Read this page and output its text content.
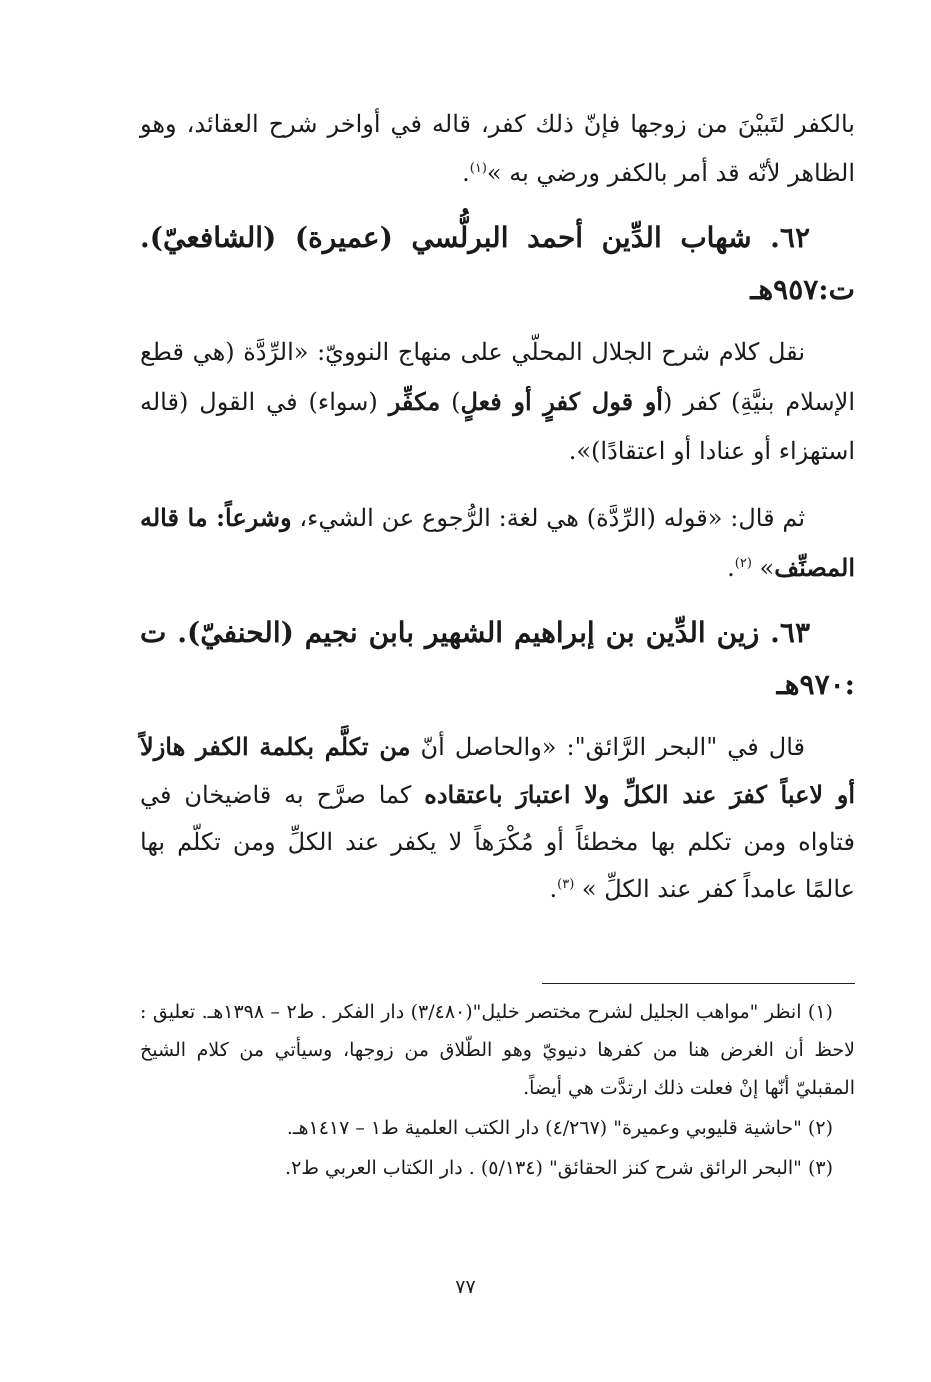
بالكفر لتَبيْنَ من زوجها فإنّ ذلك كفر، قاله في أواخر شرح العقائد، وهو الظاهر لأنّه قد أمر بالكفر ورضي به »$^{(١)}$.
٦٢. شهاب الدِّين أحمد البرلُّسي (عميرة) (الشافعيّ). ت:٩٥٧هـ
نقل كلام شرح الجلال المحلّي على منهاج النوويّ: «الرِّدَّة (هي قطع الإسلام بنيَّةِ) كفر (أو قول كفرٍ أو فعلٍ) مكفِّر (سواء) في القول (قاله استهزاء أو عنادا أو اعتقادًا)».
ثم قال: «قوله (الرِّدَّة) هي لغة: الرُّجوع عن الشيء، وشرعاً: ما قاله المصنِّف» $^{(٢)}$.
٦٣. زين الدِّين بن إبراهيم الشهير بابن نجيم (الحنفيّ). ت :٩٧٠هـ
قال في "البحر الرَّائق": «والحاصل أنّ من تكلَّم بكلمة الكفر هازلاً أو لاعباً كفرَ عند الكلِّ ولا اعتبارَ باعتقاده كما صرَّح به قاضيخان في فتاواه ومن تكلم بها مخطئاً أو مُكْرَهاً لا يكفر عند الكلِّ ومن تكلّم بها عالمًا عامداً كفر عند الكلِّ » $^{(٣)}$.

(١) انظر "مواهب الجليل لشرح مختصر خليل"(٣/٤٨٠) دار الفكر . ط٢ – ١٣٩٨هـ. تعليق : لاحظ أن الغرض هنا من كفرها دنيويّ وهو الطّلاق من زوجها، وسيأتي من كلام الشيخ المقبليّ أنّها إنْ فعلت ذلك ارتدَّت هي أيضاً.

(٢) "حاشية قليوبي وعميرة" (٤/٢٦٧) دار الكتب العلمية ط١ – ١٤١٧هـ.

(٣) "البحر الرائق شرح كنز الحقائق" (٥/١٣٤) . دار الكتاب العربي ط٢.

٧٧
